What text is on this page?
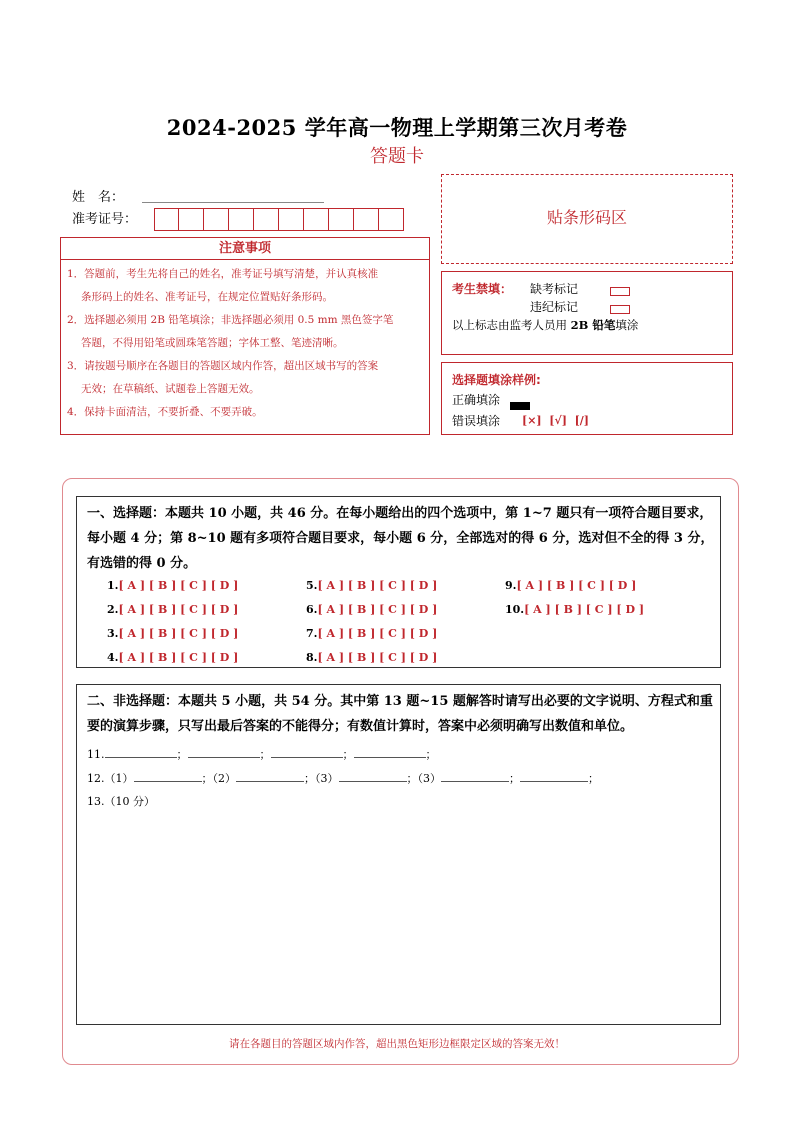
2024-2025 学年高一物理上学期第三次月考卷
答题卡
姓　名：
准考证号：
注意事项
1．答题前，考生先将自己的姓名，准考证号填写清楚，并认真核准
条形码上的姓名、准考证号，在规定位置贴好条形码。
2．选择题必须用 2B 铅笔填涂；非选择题必须用 0.5 mm 黑色签字笔
答题，不得用铅笔或圆珠笔答题；字体工整、笔迹清晰。
3．请按题号顺序在各题目的答题区域内作答，超出区域书写的答案
无效；在草稿纸、试题卷上答题无效。
4．保持卡面清洁，不要折叠、不要弄破。
贴条形码区
考生禁填： 缺考标记
违纪标记
以上标志由监考人员用 2B 铅笔填涂
选择题填涂样例:
正确填涂
错误填涂 [×]  [√]  [/]
一、选择题：本题共 10 小题，共 46 分。在每小题给出的四个选项中，第 1~7 题只有一项符合题目要求，每小题 4 分；第 8~10 题有多项符合题目要求，每小题 6 分，全部选对的得 6 分，选对但不全的得 3 分，有选错的得 0 分。
1.[ A ] [ B ] [ C ] [ D ]
2.[ A ] [ B ] [ C ] [ D ]
3.[ A ] [ B ] [ C ] [ D ]
4.[ A ] [ B ] [ C ] [ D ]
5.[ A ] [ B ] [ C ] [ D ]
6.[ A ] [ B ] [ C ] [ D ]
7.[ A ] [ B ] [ C ] [ D ]
8.[ A ] [ B ] [ C ] [ D ]
9.[ A ] [ B ] [ C ] [ D ]
10.[ A ] [ B ] [ C ] [ D ]
二、非选择题：本题共 5 小题，共 54 分。其中第 13 题~15 题解答时请写出必要的文字说明、方程式和重要的演算步骤，只写出最后答案的不能得分；有数值计算时，答案中必须明确写出数值和单位。
11.	；	；	；	；
12.（1）	；（2）	；（3）	；（3）	；	；
13.（10 分）
请在各题目的答题区域内作答，超出黑色矩形边框限定区域的答案无效！
